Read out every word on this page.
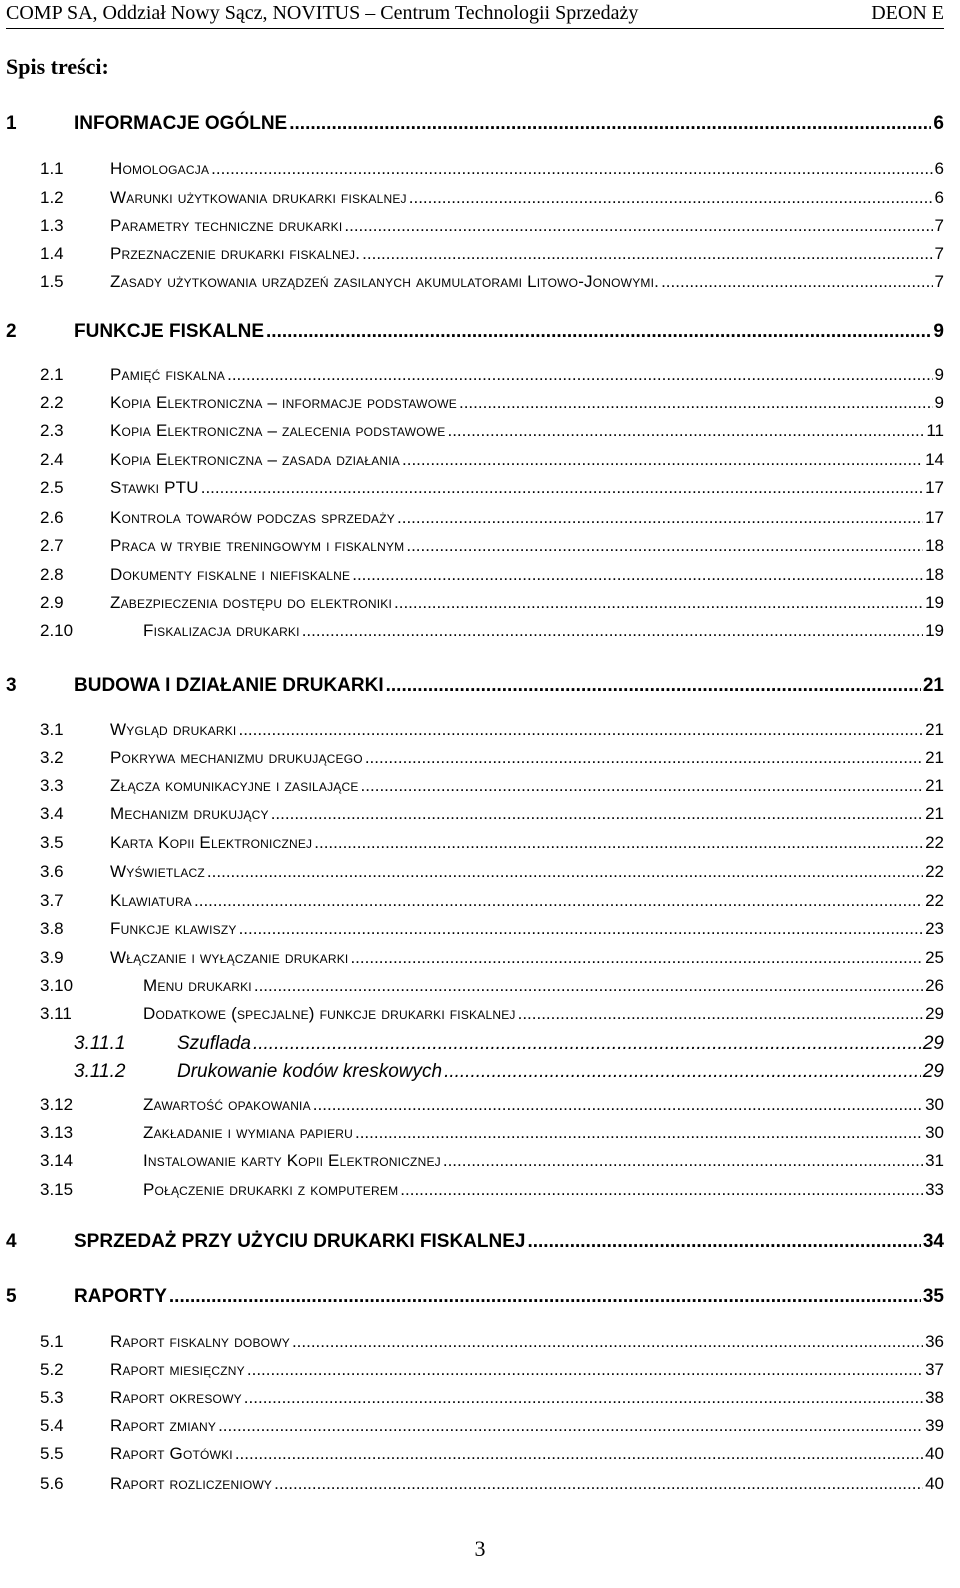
COMP SA, Oddział Nowy Sącz, NOVITUS – Centrum Technologii Sprzedaży	DEON E
Spis treści:
1	INFORMACJE OGÓLNE .....	6
1.1	Homologacja .....	6
1.2	Warunki użytkowania drukarki fiskalnej .....	6
1.3	Parametry techniczne drukarki .....	7
1.4	Przeznaczenie drukarki fiskalnej. .....	7
1.5	Zasady użytkowania urządzeń zasilanych akumulatorami Litowo-Jonowymi. .....	7
2	FUNKCJE FISKALNE .....	9
2.1	Pamięć fiskalna .....	9
2.2	Kopia Elektroniczna – informacje podstawowe .....	9
2.3	Kopia Elektroniczna – zalecenia podstawowe .....	11
2.4	Kopia Elektroniczna – zasada działania .....	14
2.5	Stawki PTU .....	17
2.6	Kontrola towarów podczas sprzedaży .....	17
2.7	Praca w trybie treningowym i fiskalnym .....	18
2.8	Dokumenty fiskalne i niefiskalne .....	18
2.9	Zabezpieczenia dostępu do elektroniki .....	19
2.10	Fiskalizacja drukarki .....	19
3	BUDOWA I DZIAŁANIE DRUKARKI .....	21
3.1	Wygląd drukarki .....	21
3.2	Pokrywa mechanizmu drukującego .....	21
3.3	Złącza komunikacyjne i zasilające .....	21
3.4	Mechanizm drukujący .....	21
3.5	Karta Kopii Elektronicznej .....	22
3.6	Wyświetlacz .....	22
3.7	Klawiatura .....	22
3.8	Funkcje klawiszy .....	23
3.9	Włączanie i wyłączanie drukarki .....	25
3.10	Menu drukarki .....	26
3.11	Dodatkowe (specjalne) funkcje drukarki fiskalnej .....	29
3.11.1	Szuflada .....	29
3.11.2	Drukowanie kodów kreskowych .....	29
3.12	Zawartość opakowania .....	30
3.13	Zakładanie i wymiana papieru .....	30
3.14	Instalowanie karty Kopii Elektronicznej .....	31
3.15	Połączenie drukarki z komputerem .....	33
4	SPRZEDAŻ PRZY UŻYCIU DRUKARKI FISKALNEJ .....	34
5	RAPORTY .....	35
5.1	Raport fiskalny dobowy .....	36
5.2	Raport miesięczny .....	37
5.3	Raport okresowy .....	38
5.4	Raport zmiany .....	39
5.5	Raport Gotówki .....	40
5.6	Raport rozliczeniowy .....	40
3
